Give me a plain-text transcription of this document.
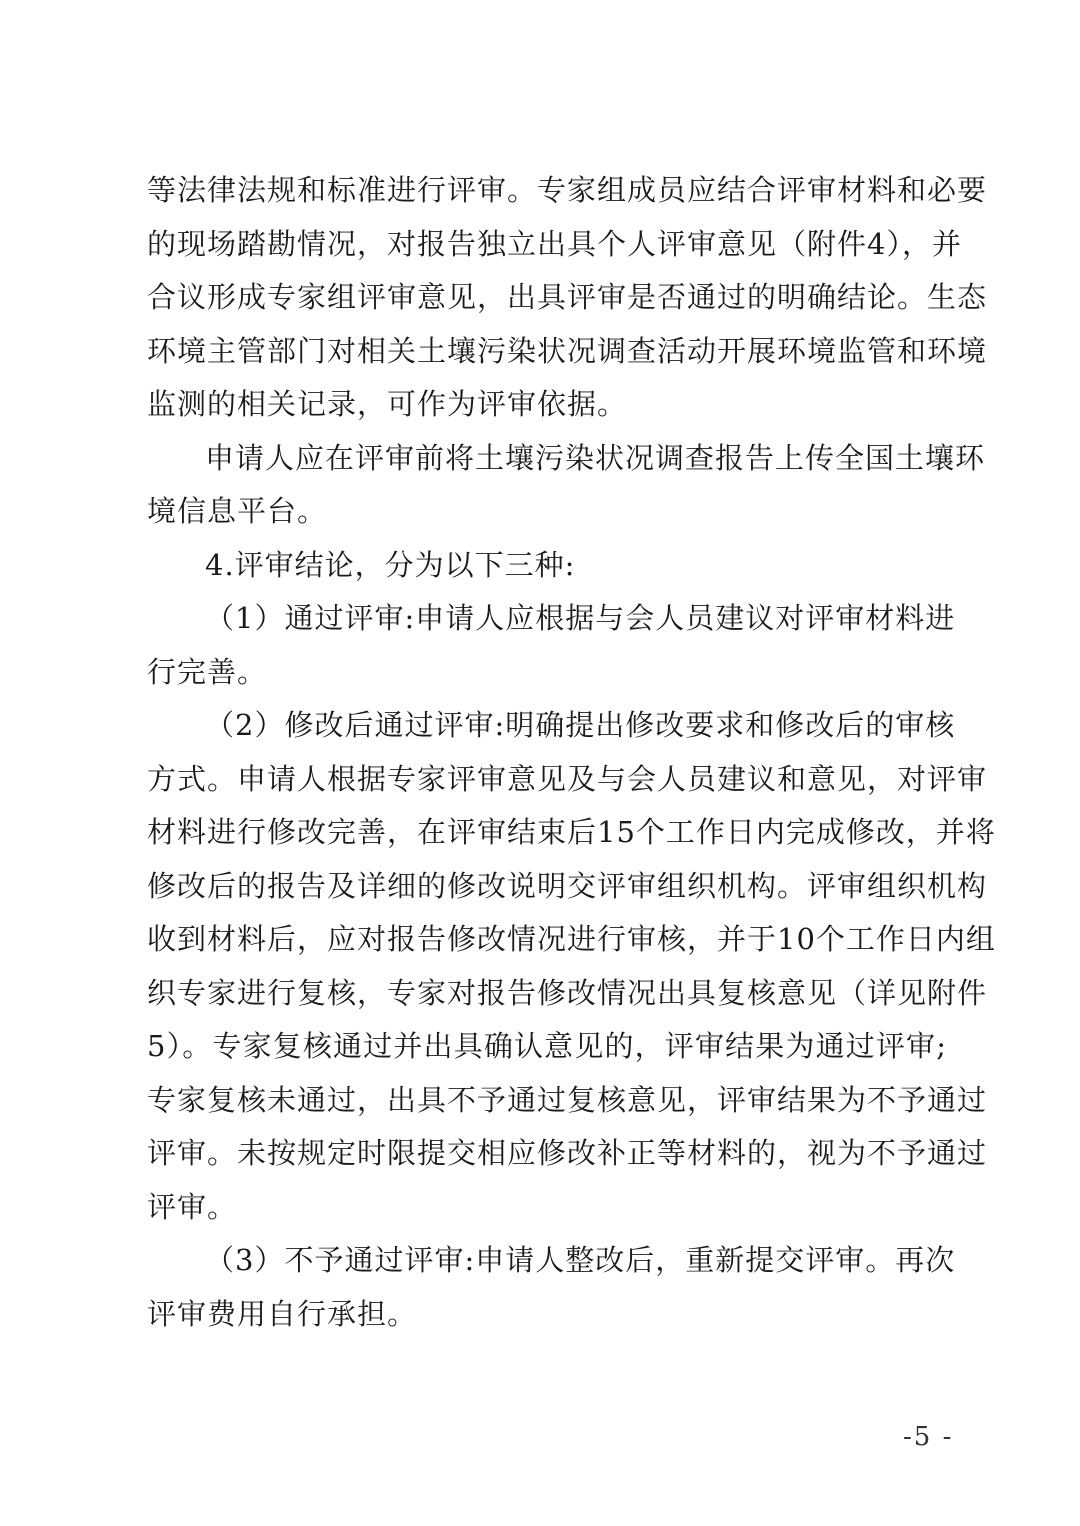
等法律法规和标准进行评审。专家组成员应结合评审材料和必要
的现场踏勘情况，对报告独立出具个人评审意见（附件4），并
合议形成专家组评审意见，出具评审是否通过的明确结论。生态
环境主管部门对相关土壤污染状况调查活动开展环境监管和环境
监测的相关记录，可作为评审依据。
申请人应在评审前将土壤污染状况调查报告上传全国土壤环
境信息平台。
4.评审结论，分为以下三种:
（1）通过评审:申请人应根据与会人员建议对评审材料进
行完善。
（2）修改后通过评审:明确提出修改要求和修改后的审核
方式。申请人根据专家评审意见及与会人员建议和意见，对评审
材料进行修改完善，在评审结束后15个工作日内完成修改，并将
修改后的报告及详细的修改说明交评审组织机构。评审组织机构
收到材料后，应对报告修改情况进行审核，并于10个工作日内组
织专家进行复核，专家对报告修改情况出具复核意见（详见附件
5）。专家复核通过并出具确认意见的，评审结果为通过评审;
专家复核未通过，出具不予通过复核意见，评审结果为不予通过
评审。未按规定时限提交相应修改补正等材料的，视为不予通过
评审。
（3）不予通过评审:申请人整改后，重新提交评审。再次
评审费用自行承担。
-5 -
